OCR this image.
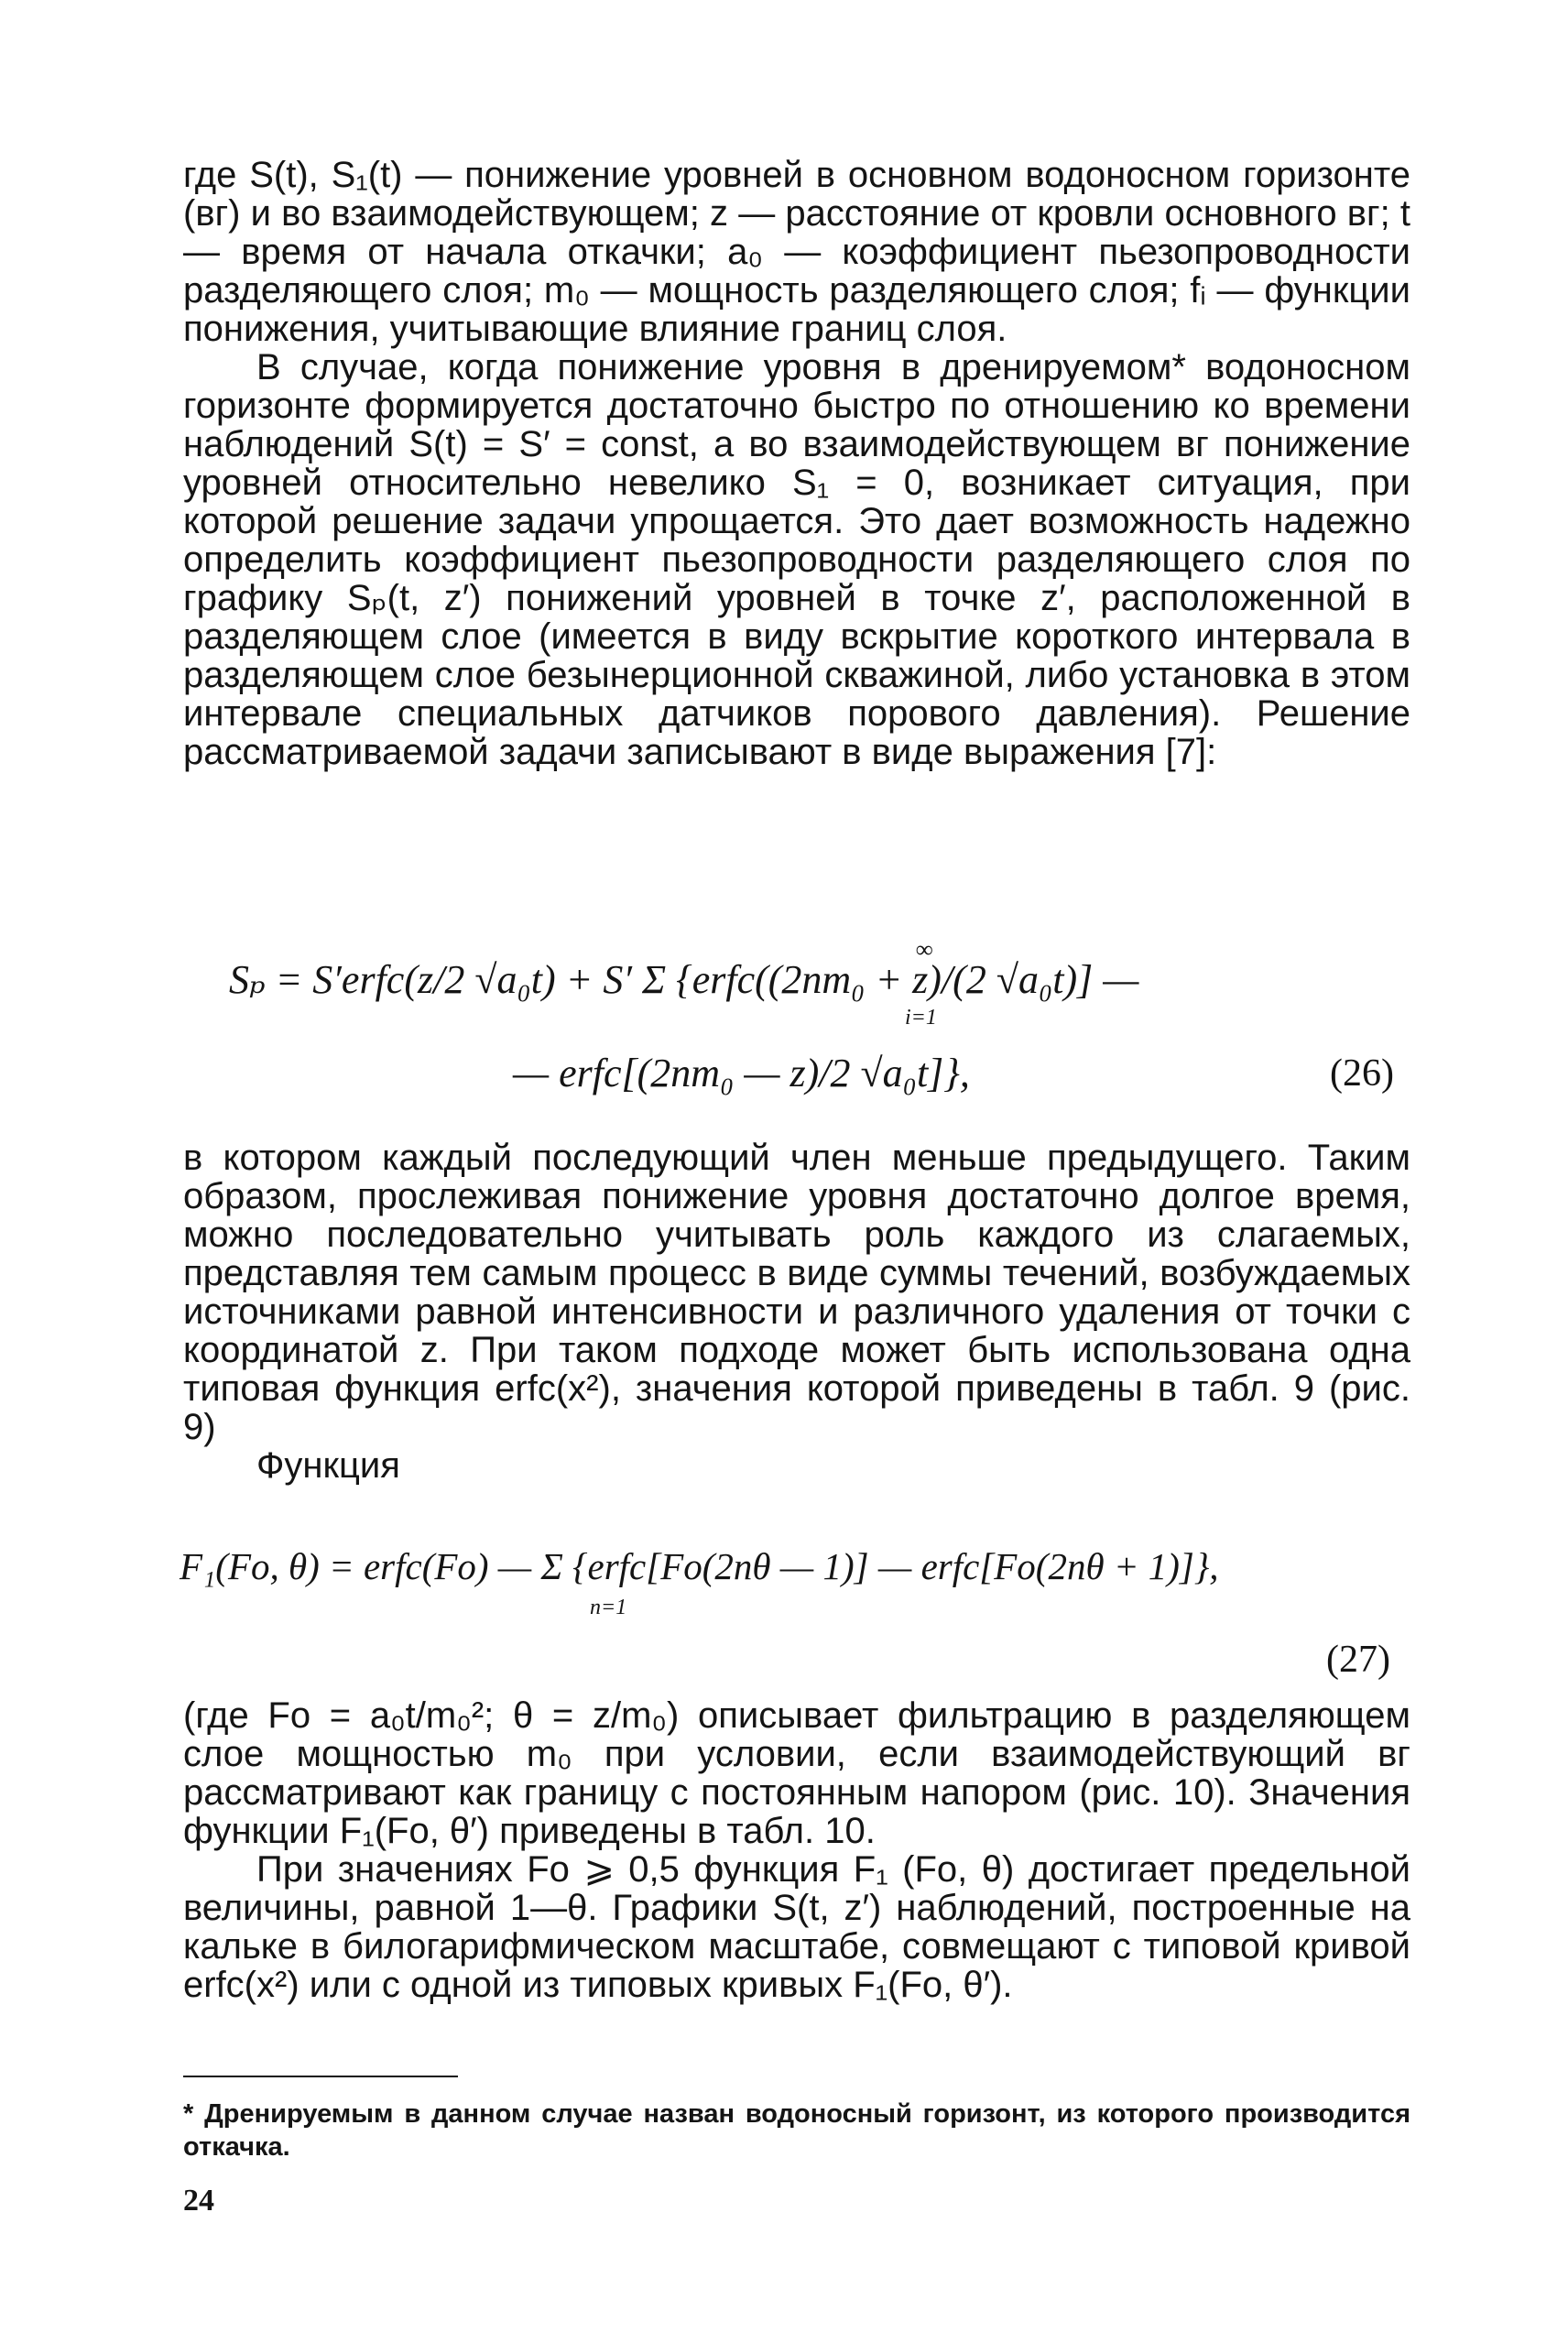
где S(t), S₁(t) — понижение уровней в основном водоносном горизонте (вг) и во взаимодействующем; z — расстояние от кровли основного вг; t — время от начала откачки; a₀ — коэффициент пьезопроводности разделяющего слоя; m₀ — мощность разделяющего слоя; fᵢ — функции понижения, учитывающие влияние границ слоя.

В случае, когда понижение уровня в дренируемом* водоносном горизонте формируется достаточно быстро по отношению ко времени наблюдений S(t) = S′ = const, а во взаимодействующем вг понижение уровней относительно невелико S₁ = 0, возникает ситуация, при которой решение задачи упрощается. Это дает возможность надежно определить коэффициент пьезопроводности разделяющего слоя по графику Sₚ(t, z′) понижений уровней в точке z′, расположенной в разделяющем слое (имеется в виду вскрытие короткого интервала в разделяющем слое безынерционной скважиной, либо установка в этом интервале специальных датчиков порового давления). Решение рассматриваемой задачи записывают в виде выражения [7]:

∞
Sₚ = S′erfc(z/2 √a₀t) + S′ Σ {erfc((2nm₀ + z)/(2 √a₀t)] —
i=1
— erfc[(2nm₀ — z)/2 √a₀t]},	(26)

в котором каждый последующий член меньше предыдущего. Таким образом, прослеживая понижение уровня достаточно долгое время, можно последовательно учитывать роль каждого из слагаемых, представляя тем самым процесс в виде суммы течений, возбуждаемых источниками равной интенсивности и различного удаления от точки с координатой z. При таком подходе может быть использована одна типовая функция erfc(x²), значения которой приведены в табл. 9 (рис. 9)

Функция

F₁(Fo, θ) = erfc(Fo) — Σ {erfc[Fo(2nθ — 1)] — erfc[Fo(2nθ + 1)]},
n=1
(27)

(где Fo = a₀t/m₀²; θ = z/m₀) описывает фильтрацию в разделяющем слое мощностью m₀ при условии, если взаимодействующий вг рассматривают как границу с постоянным напором (рис. 10). Значения функции F₁(Fo, θ′) приведены в табл. 10.

При значениях Fo ⩾ 0,5 функция F₁ (Fo, θ) достигает предельной величины, равной 1—θ. Графики S(t, z′) наблюдений, построенные на кальке в билогарифмическом масштабе, совмещают с типовой кривой erfc(x²) или с одной из типовых кривых F₁(Fo, θ′).

* Дренируемым в данном случае назван водоносный горизонт, из которого производится откачка.
24
